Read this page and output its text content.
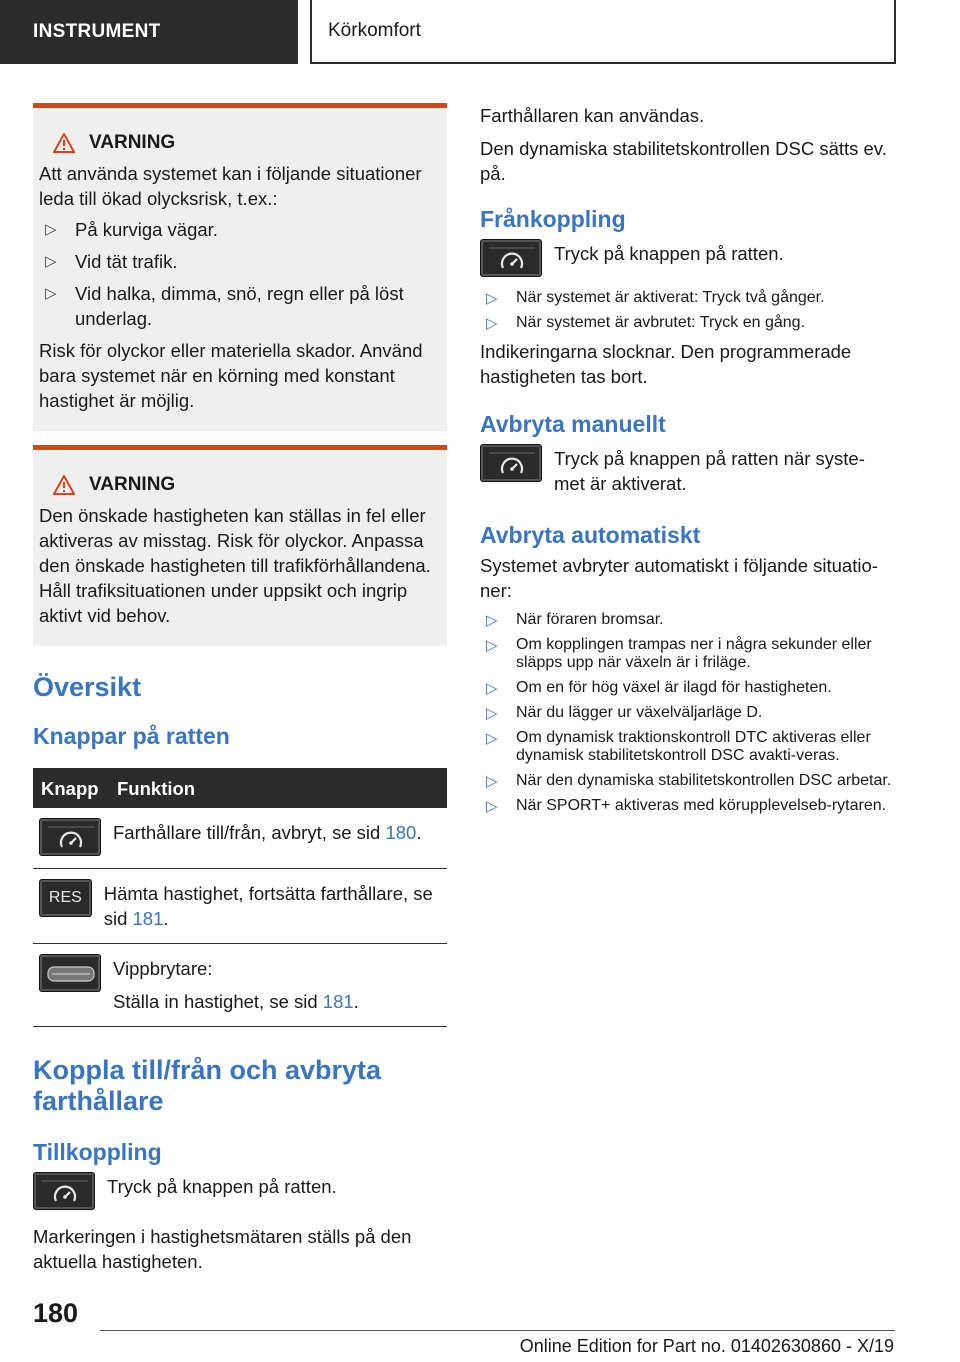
INSTRUMENT	Körkomfort
VARNING

Att använda systemet kan i följande situationer leda till ökad olycksrisk, t.ex.:

▷ På kurviga vägar.
▷ Vid tät trafik.
▷ Vid halka, dimma, snö, regn eller på löst underlag.

Risk för olyckor eller materiella skador. Använd bara systemet när en körning med konstant hastighet är möjlig.

VARNING

Den önskade hastigheten kan ställas in fel eller aktiveras av misstag. Risk för olyckor. Anpassa den önskade hastigheten till trafikförhållandena. Håll trafiksituationen under uppsikt och ingrip aktivt vid behov.

Översikt
Knappar på ratten
Knapp	Funktion

Farthållare till/från, avbryt, se sid 180.

RES	Hämta hastighet, fortsätta farthållare, se sid 181.

Vippbrytare:
Ställa in hastighet, se sid 181.
Koppla till/från och avbryta farthållare
Tillkoppling
Tryck på knappen på ratten.

Markeringen i hastighetsmätaren ställs på den aktuella hastigheten.

Farthållaren kan användas.

Den dynamiska stabilitetskontrollen DSC sätts ev. på.

Frånkoppling
Tryck på knappen på ratten.
▷ När systemet är aktiverat: Tryck två gånger.
▷ När systemet är avbrutet: Tryck en gång.

Indikeringarna slocknar. Den programmerade hastigheten tas bort.

Avbryta manuellt
Tryck på knappen på ratten när syste-met är aktiverat.
Avbryta automatiskt

Systemet avbryter automatiskt i följande situatio-ner:

▷ När föraren bromsar.
▷ Om kopplingen trampas ner i några sekunder eller släpps upp när växeln är i friläge.
▷ Om en för hög växel är ilagd för hastigheten.
▷ När du lägger ur växelväljarläge D.
▷ Om dynamisk traktionskontroll DTC aktiveras eller dynamisk stabilitetskontroll DSC avakti-veras.
▷ När den dynamiska stabilitetskontrollen DSC arbetar.
▷ När SPORT+ aktiveras med körupplevelseb-rytaren.
180
Online Edition for Part no. 01402630860 - X/19
